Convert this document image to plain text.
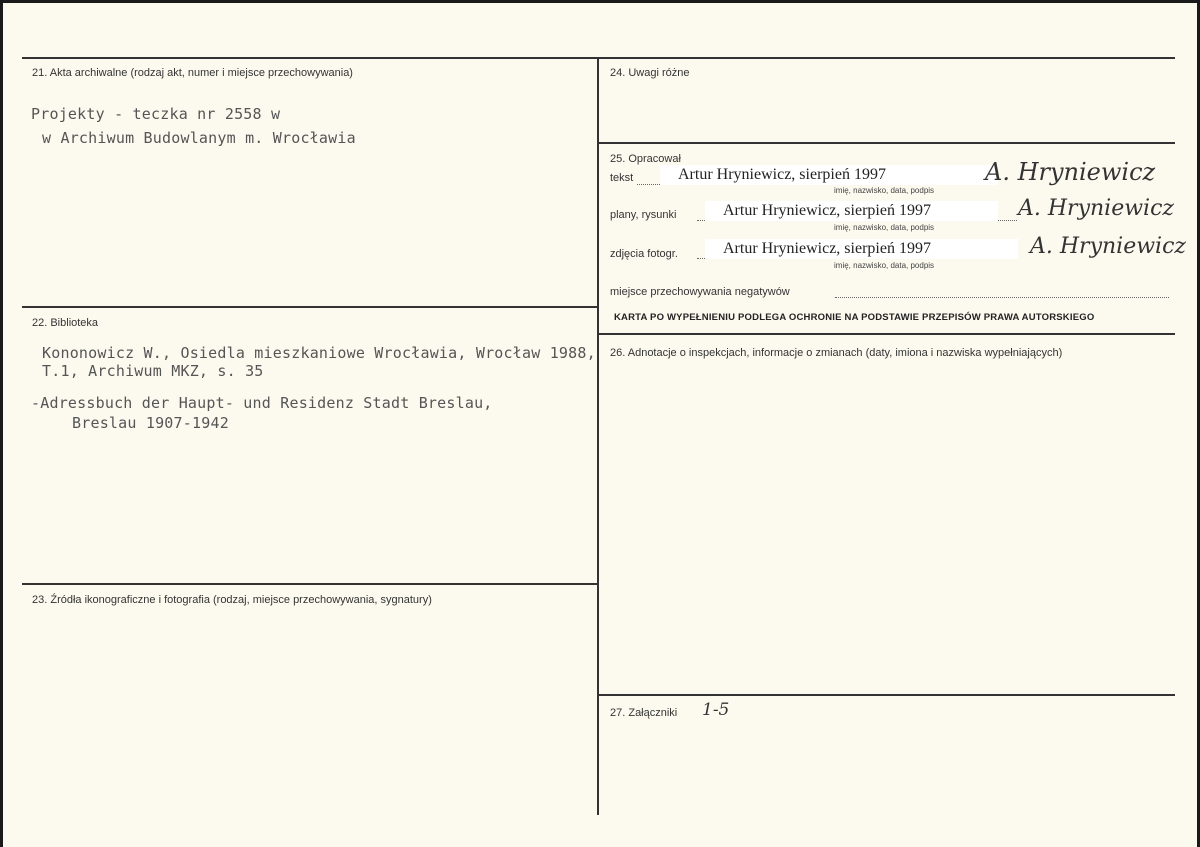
21. Akta archiwalne (rodzaj akt, numer i miejsce przechowywania)
Projekty - teczka nr 2558 w
w Archiwum Budowlanym m. Wrocławia
22. Biblioteka
Kononowicz W., Osiedla mieszkaniowe Wrocławia, Wrocław 1988,
T.1, Archiwum MKZ, s. 35
-Adressbuch der Haupt- und Residenz Stadt Breslau,
Breslau 1907-1942
23. Źródła ikonograficzne i fotografia (rodzaj, miejsce przechowywania, sygnatury)
24. Uwagi różne
25. Opracował
tekst	Artur Hryniewicz, sierpień 1997
imię, nazwisko, data, podpis
A. Hryniewicz
plany, rysunki	Artur Hryniewicz, sierpień 1997
imię, nazwisko, data, podpis
A. Hryniewicz
zdjęcia fotogr.	Artur Hryniewicz, sierpień 1997
imię, nazwisko, data, podpis
A. Hryniewicz
miejsce przechowywania negatywów
KARTA PO WYPEŁNIENIU PODLEGA OCHRONIE NA PODSTAWIE PRZEPISÓW PRAWA AUTORSKIEGO
26. Adnotacje o inspekcjach, informacje o zmianach (daty, imiona i nazwiska wypełniających)
27. Załączniki 1-5
